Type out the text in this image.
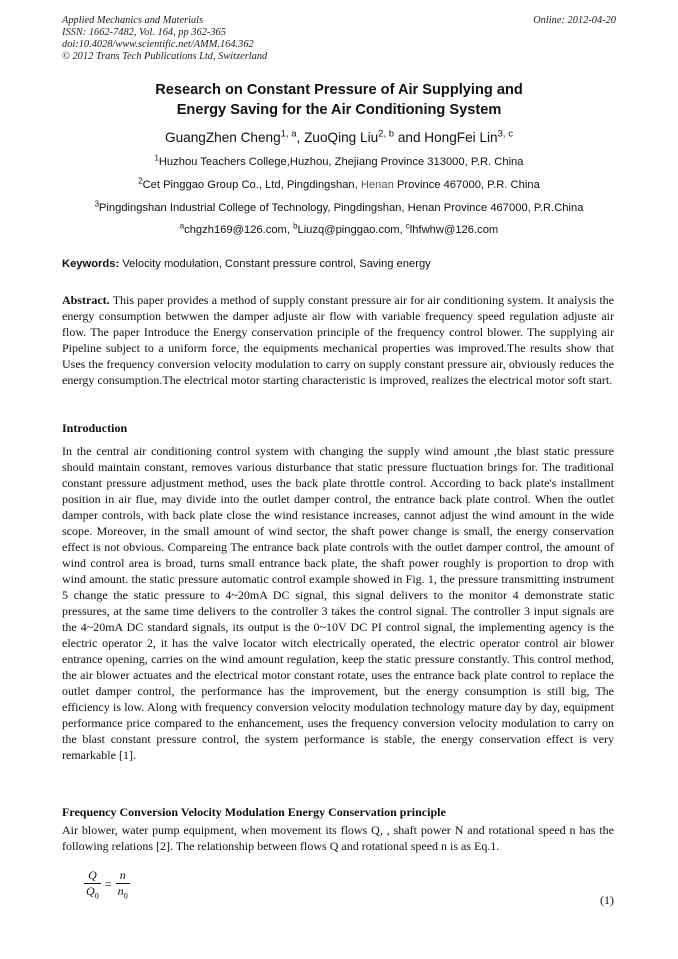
Applied Mechanics and Materials
ISSN: 1662-7482, Vol. 164, pp 362-365
doi:10.4028/www.scientific.net/AMM.164.362
© 2012 Trans Tech Publications Ltd, Switzerland
Online: 2012-04-20
Research on Constant Pressure of Air Supplying and
Energy Saving for the Air Conditioning System
GuangZhen Cheng$^{1, a}$, ZuoQing Liu$^{2, b}$ and HongFei Lin$^{3, c}$
$^1$Huzhou Teachers College,Huzhou, Zhejiang Province 313000, P.R. China
$^2$Cet Pinggao Group Co., Ltd, Pingdingshan, Henan Province 467000, P.R. China
$^3$Pingdingshan Industrial College of Technology, Pingdingshan, Henan Province 467000, P.R.China
$^a$chgzh169@126.com, $^b$Liuzq@pinggao.com, $^c$lhfwhw@126.com
Keywords: Velocity modulation, Constant pressure control, Saving energy
Abstract. This paper provides a method of supply constant pressure air for air conditioning system. It analysis the energy consumption betwwen the damper adjuste air flow with variable frequency speed regulation adjuste air flow. The paper Introduce the Energy conservation principle of the frequency control blower. The supplying air Pipeline subject to a uniform force, the equipments mechanical properties was improved.The results show that Uses the frequency conversion velocity modulation to carry on supply constant pressure air, obviously reduces the energy consumption.The electrical motor starting characteristic is improved, realizes the electrical motor soft start.
Introduction
In the central air conditioning control system with changing the supply wind amount ,the blast static pressure should maintain constant, removes various disturbance that static pressure fluctuation brings for. The traditional constant pressure adjustment method, uses the back plate throttle control. According to back plate's installment position in air flue, may divide into the outlet damper control, the entrance back plate control. When the outlet damper controls, with back plate close the wind resistance increases, cannot adjust the wind amount in the wide scope. Moreover, in the small amount of wind sector, the shaft power change is small, the energy conservation effect is not obvious. Compareing The entrance back plate controls with the outlet damper control, the amount of wind control area is broad, turns small entrance back plate, the shaft power roughly is proportion to drop with wind amount. the static pressure automatic control example showed in Fig. 1, the pressure transmitting instrument 5 change the static pressure to 4~20mA DC signal, this signal delivers to the monitor 4 demonstrate static pressures, at the same time delivers to the controller 3 takes the control signal. The controller 3 input signals are the 4~20mA DC standard signals, its output is the 0~10V DC PI control signal, the implementing agency is the electric operator 2, it has the valve locator witch electrically operated, the electric operator control air blower entrance opening, carries on the wind amount regulation, keep the static pressure constantly. This control method, the air blower actuates and the electrical motor constant rotate, uses the entrance back plate control to replace the outlet damper control, the performance has the improvement, but the energy consumption is still big, The efficiency is low. Along with frequency conversion velocity modulation technology mature day by day, equipment performance price compared to the enhancement, uses the frequency conversion velocity modulation to carry on the blast constant pressure control, the system performance is stable, the energy conservation effect is very remarkable [1].
Frequency Conversion Velocity Modulation Energy Conservation principle
Air blower, water pump equipment, when movement its flows Q, , shaft power N and rotational speed n has the following relations [2]. The relationship between flows Q and rotational speed n is as Eq.1.
$\frac{Q}{Q_0} = \frac{n}{n_0}$	(1)
